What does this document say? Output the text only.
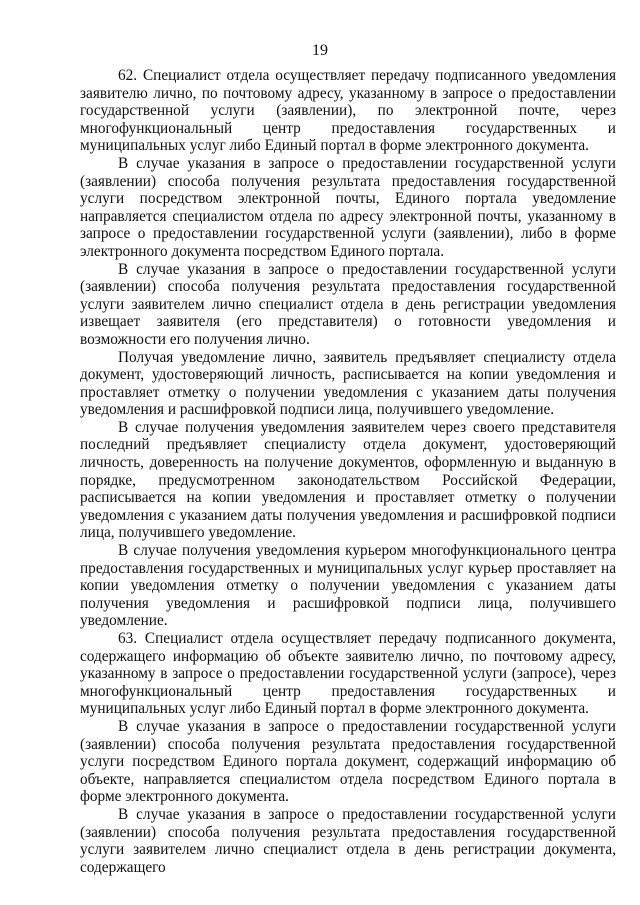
19

62. Специалист отдела осуществляет передачу подписанного уведомления заявителю лично, по почтовому адресу, указанному в запросе о предоставлении государственной услуги (заявлении), по электронной почте, через многофункциональный центр предоставления государственных и муниципальных услуг либо Единый портал в форме электронного документа.

В случае указания в запросе о предоставлении государственной услуги (заявлении) способа получения результата предоставления государственной услуги посредством электронной почты, Единого портала уведомление направляется специалистом отдела по адресу электронной почты, указанному в запросе о предоставлении государственной услуги (заявлении), либо в форме электронного документа посредством Единого портала.

В случае указания в запросе о предоставлении государственной услуги (заявлении) способа получения результата предоставления государственной услуги заявителем лично специалист отдела в день регистрации уведомления извещает заявителя (его представителя) о готовности уведомления и возможности его получения лично.

Получая уведомление лично, заявитель предъявляет специалисту отдела документ, удостоверяющий личность, расписывается на копии уведомления и проставляет отметку о получении уведомления с указанием даты получения уведомления и расшифровкой подписи лица, получившего уведомление.

В случае получения уведомления заявителем через своего представителя последний предъявляет специалисту отдела документ, удостоверяющий личность, доверенность на получение документов, оформленную и выданную в порядке, предусмотренном законодательством Российской Федерации, расписывается на копии уведомления и проставляет отметку о получении уведомления с указанием даты получения уведомления и расшифровкой подписи лица, получившего уведомление.

В случае получения уведомления курьером многофункционального центра предоставления государственных и муниципальных услуг курьер проставляет на копии уведомления отметку о получении уведомления с указанием даты получения уведомления и расшифровкой подписи лица, получившего уведомление.

63. Специалист отдела осуществляет передачу подписанного документа, содержащего информацию об объекте заявителю лично, по почтовому адресу, указанному в запросе о предоставлении государственной услуги (запросе), через многофункциональный центр предоставления государственных и муниципальных услуг либо Единый портал в форме электронного документа.

В случае указания в запросе о предоставлении государственной услуги (заявлении) способа получения результата предоставления государственной услуги посредством Единого портала документ, содержащий информацию об объекте, направляется специалистом отдела посредством Единого портала в форме электронного документа.

В случае указания в запросе о предоставлении государственной услуги (заявлении) способа получения результата предоставления государственной услуги заявителем лично специалист отдела в день регистрации документа, содержащего
